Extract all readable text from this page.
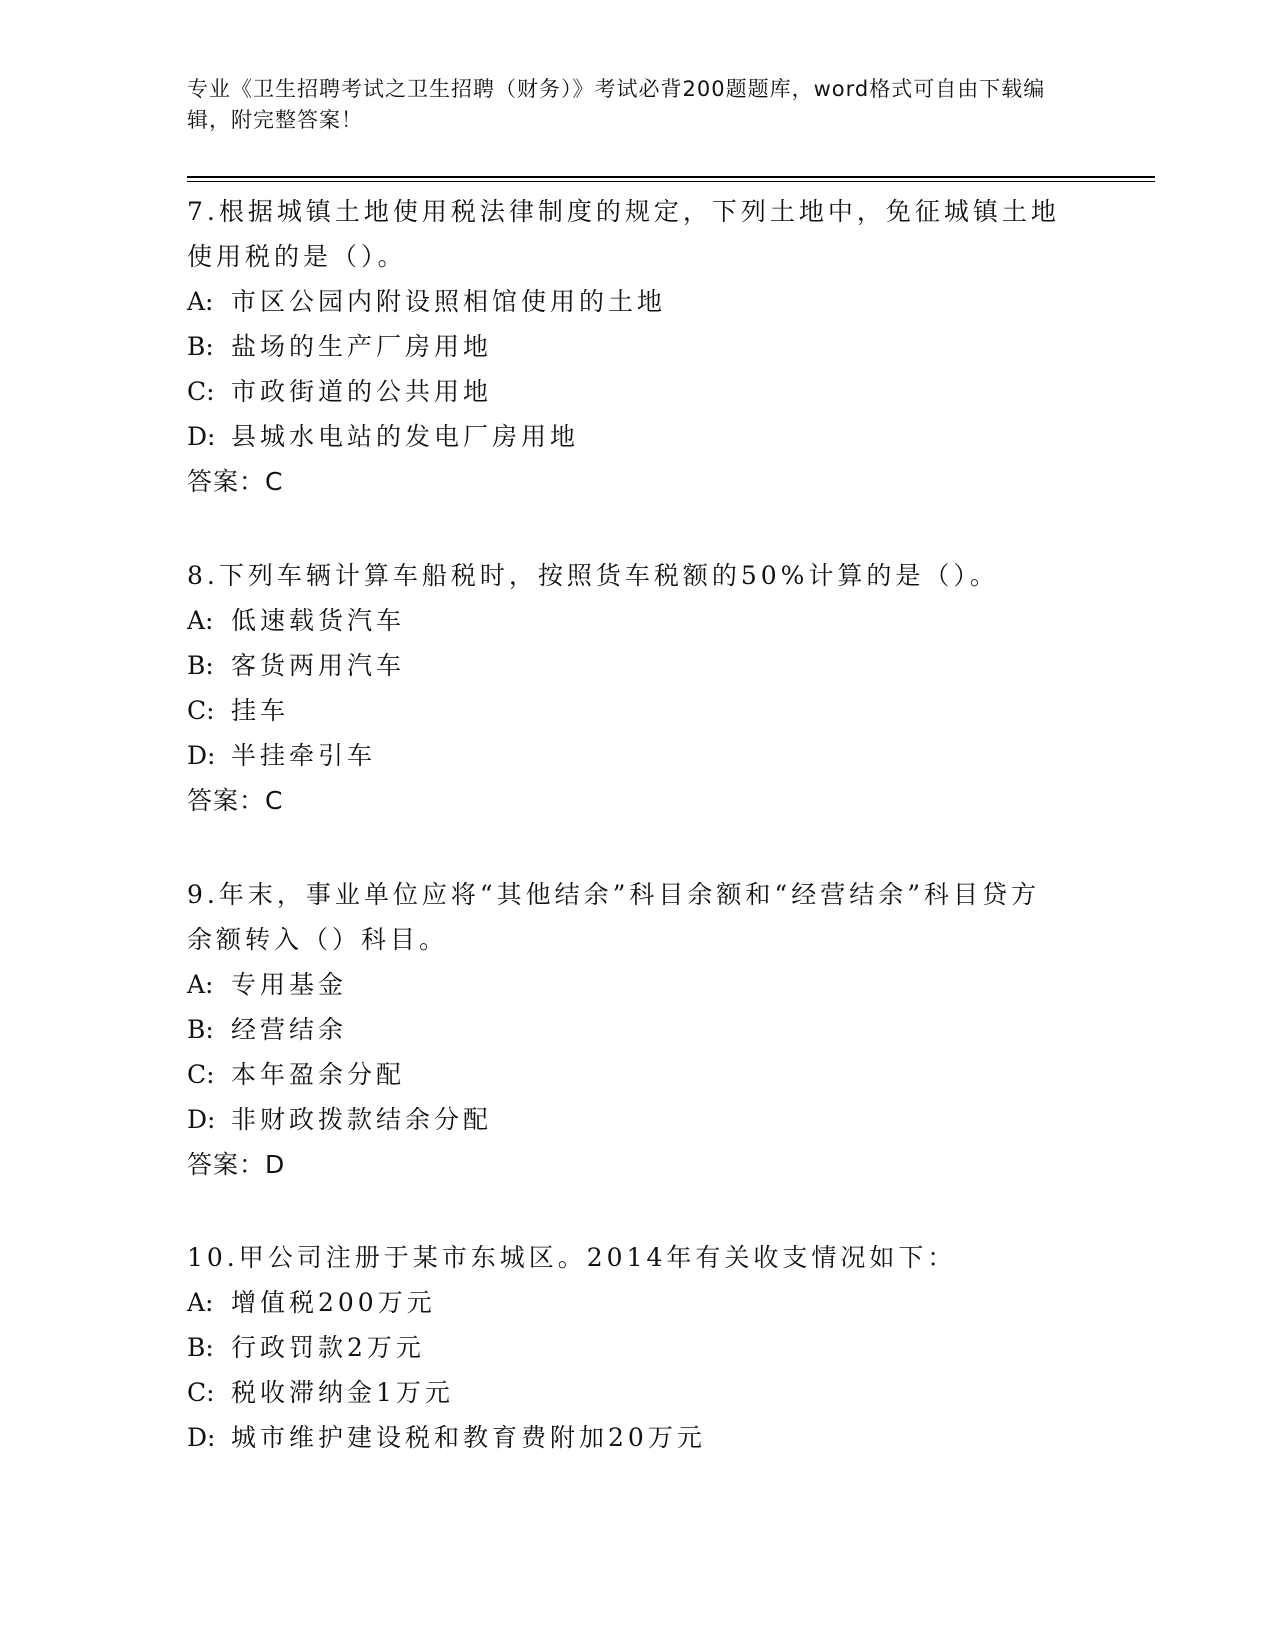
专业《卫生招聘考试之卫生招聘（财务）》考试必背200题题库，word格式可自由下载编辑，附完整答案！
7.根据城镇土地使用税法律制度的规定，下列土地中，免征城镇土地使用税的是（）。
A: 市区公园内附设照相馆使用的土地
B: 盐场的生产厂房用地
C: 市政街道的公共用地
D: 县城水电站的发电厂房用地
答案：C
8.下列车辆计算车船税时，按照货车税额的50%计算的是（）。
A: 低速载货汽车
B: 客货两用汽车
C: 挂车
D: 半挂牵引车
答案：C
9.年末，事业单位应将“其他结余”科目余额和“经营结余”科目贷方余额转入（）科目。
A: 专用基金
B: 经营结余
C: 本年盈余分配
D: 非财政拨款结余分配
答案：D
10.甲公司注册于某市东城区。2014年有关收支情况如下：
A: 增值税200万元
B: 行政罚款2万元
C: 税收滞纳金1万元
D: 城市维护建设税和教育费附加20万元
